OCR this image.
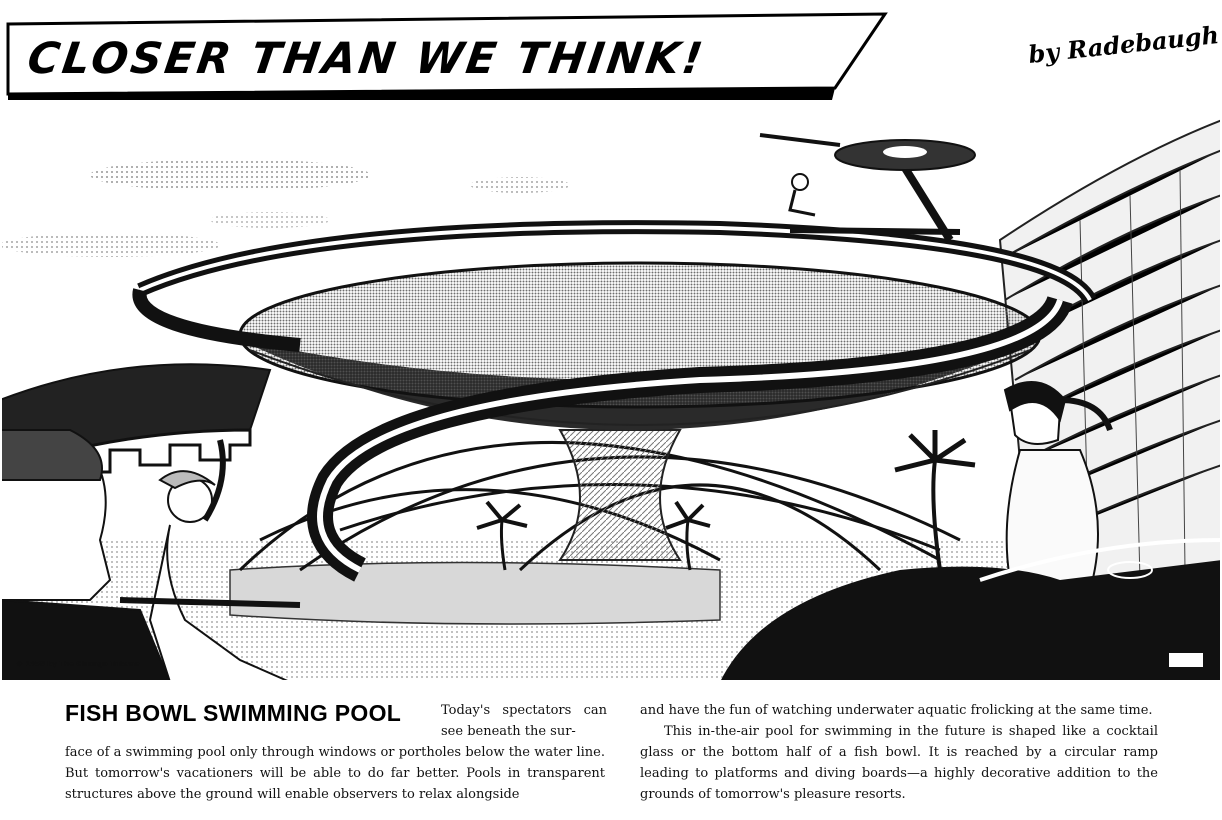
CLOSER THAN WE THINK!	by Radebaugh
© 1958 by The Chicago Tribune
FISH BOWL SWIMMING POOL	Today's spectators can see beneath the sur-
face of a swimming pool only through windows or portholes below the water line. But tomorrow's vacationers will be able to do far better. Pools in transparent structures above the ground will enable observers to relax alongside

and have the fun of watching underwater aquatic frolicking at the same time.

This in-the-air pool for swimming in the future is shaped like a cocktail glass or the bottom half of a fish bowl. It is reached by a circular ramp leading to platforms and diving boards—a highly decorative addition to the grounds of tomorrow's pleasure resorts.
